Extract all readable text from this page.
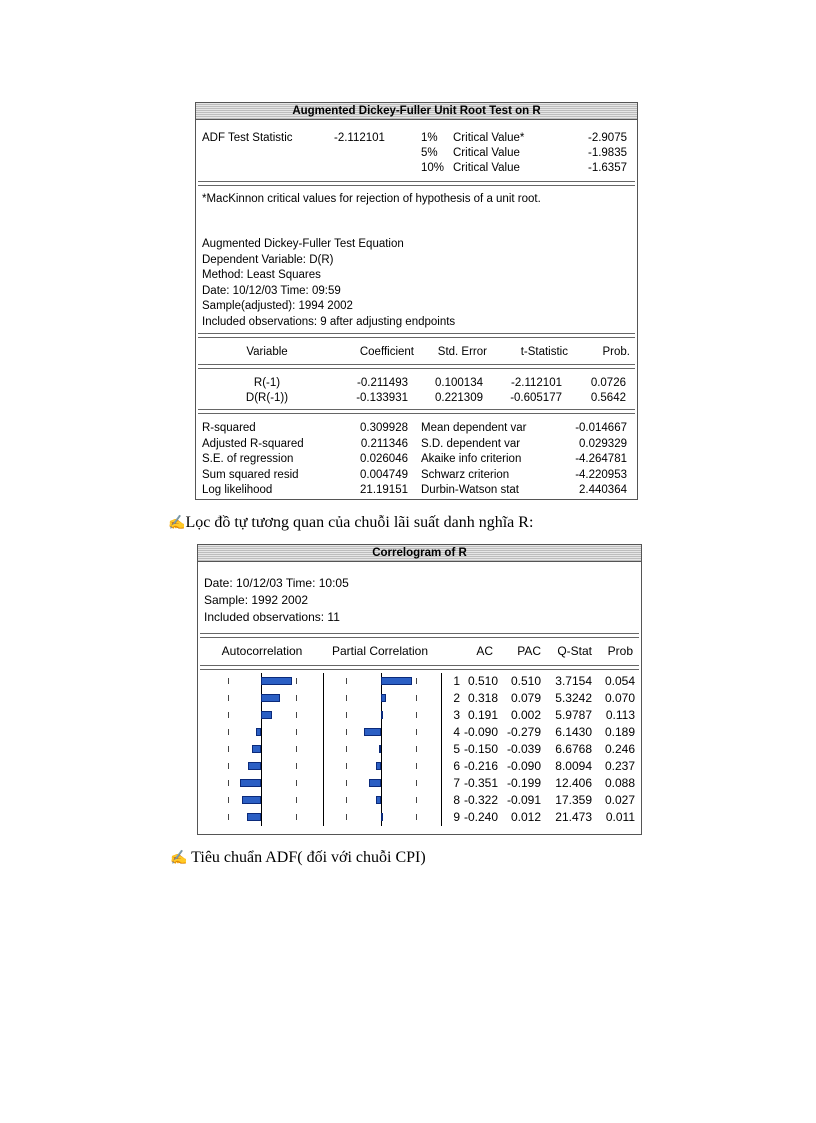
Augmented Dickey-Fuller Unit Root Test on R
ADF Test Statistic	-2.112101	1% Critical Value*	-2.9075
5% Critical Value	-1.9835
10% Critical Value	-1.6357
*MacKinnon critical values for rejection of hypothesis of a unit root.
Augmented Dickey-Fuller Test Equation
Dependent Variable: D(R)
Method: Least Squares
Date: 10/12/03 Time: 09:59
Sample(adjusted): 1994 2002
Included observations: 9 after adjusting endpoints
Variable	Coefficient	Std. Error	t-Statistic	Prob.
R(-1)	-0.211493	0.100134	-2.112101	0.0726
D(R(-1))	-0.133931	0.221309	-0.605177	0.5642
R-squared	0.309928 Mean dependent var	-0.014667
Adjusted R-squared	0.211346 S.D. dependent var	0.029329
S.E. of regression	0.026046 Akaike info criterion	-4.264781
Sum squared resid	0.004749 Schwarz criterion	-4.220953
Log likelihood	21.19151 Durbin-Watson stat	2.440364
✍Lọc đồ tự tương quan của chuỗi lãi suất danh nghĩa R:
Correlogram of R
Date: 10/12/03 Time: 10:05
Sample: 1992 2002
Included observations: 11
Autocorrelation	Partial Correlation	AC	PAC	Q-Stat	Prob
1 0.510	0.510	3.7154	0.054
2 0.318	0.079	5.3242	0.070
3 0.191	0.002	5.9787	0.113
4 -0.090 -0.279	6.1430	0.189
5 -0.150 -0.039	6.6768	0.246
6 -0.216 -0.090	8.0094	0.237
7 -0.351 -0.199	12.406	0.088
8 -0.322 -0.091	17.359	0.027
9 -0.240	0.012	21.473	0.011
✍ Tiêu chuẩn ADF( đối với chuỗi CPI)
